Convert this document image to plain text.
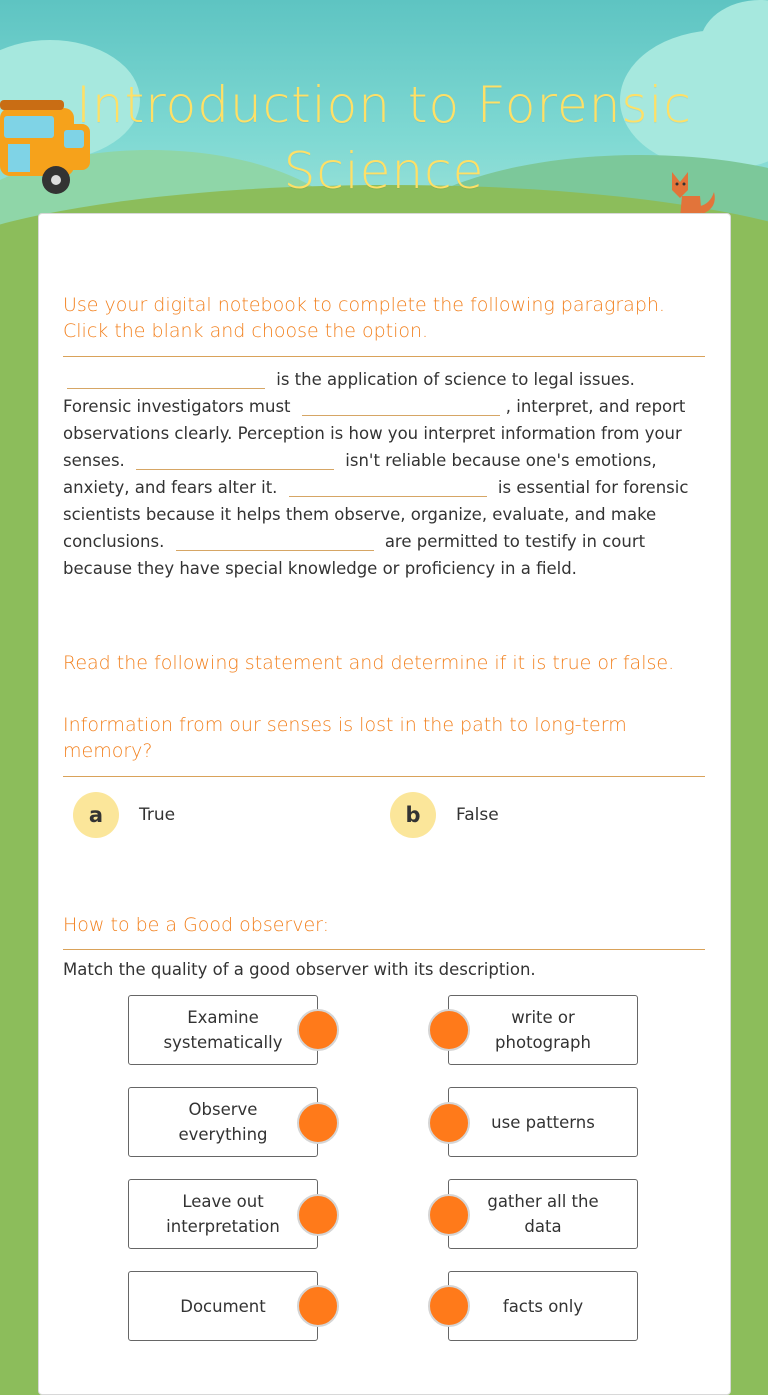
Introduction to Forensic Science
Use your digital notebook to complete the following paragraph. Click the blank and choose the option.
is the application of science to legal issues. Forensic investigators must	, interpret, and report observations clearly. Perception is how you interpret information from your senses.	isn't reliable because one's emotions, anxiety, and fears alter it.	is essential for forensic scientists because it helps them observe, organize, evaluate, and make conclusions.	are permitted to testify in court because they have special knowledge or proficiency in a field.
Read the following statement and determine if it is true or false.
Information from our senses is lost in the path to long-term memory?
a	True	b	False
How to be a Good observer:
Match the quality of a good observer with its description.
Examine systematically
Observe everything
Leave out interpretation
Document
write or photograph
use patterns
gather all the data
facts only
